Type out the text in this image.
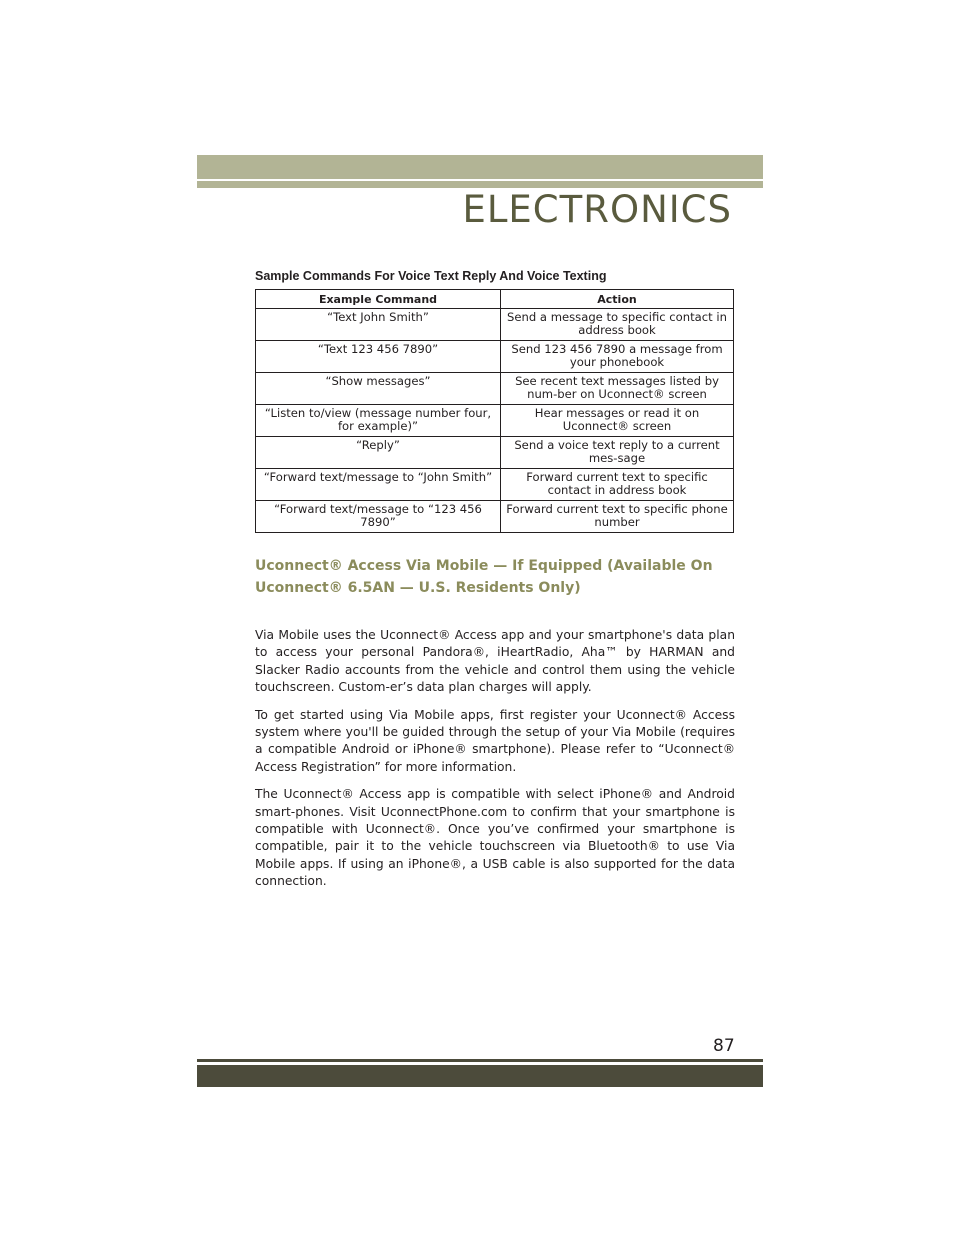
ELECTRONICS
Sample Commands For Voice Text Reply And Voice Texting
Example Command	Action
“Text John Smith”	Send a message to specific contact in address book
“Text 123 456 7890”	Send 123 456 7890 a message from your phonebook
“Show messages”	See recent text messages listed by num-ber on Uconnect® screen
“Listen to/view (message number four, for example)”	Hear messages or read it on Uconnect® screen
“Reply”	Send a voice text reply to a current mes-sage
“Forward text/message to “John Smith”	Forward current text to specific contact in address book
“Forward text/message to “123 456 7890”	Forward current text to specific phone number
Uconnect® Access Via Mobile — If Equipped (Available On Uconnect® 6.5AN — U.S. Residents Only)

Via Mobile uses the Uconnect® Access app and your smartphone's data plan to access your personal Pandora®, iHeartRadio, Aha™ by HARMAN and Slacker Radio accounts from the vehicle and control them using the vehicle touchscreen. Custom-er’s data plan charges will apply.

To get started using Via Mobile apps, first register your Uconnect® Access system where you'll be guided through the setup of your Via Mobile (requires a compatible Android or iPhone® smartphone). Please refer to “Uconnect® Access Registration” for more information.

The Uconnect® Access app is compatible with select iPhone® and Android smart-phones. Visit UconnectPhone.com to confirm that your smartphone is compatible with Uconnect®. Once you’ve confirmed your smartphone is compatible, pair it to the vehicle touchscreen via Bluetooth® to use Via Mobile apps. If using an iPhone®, a USB cable is also supported for the data connection.

87
